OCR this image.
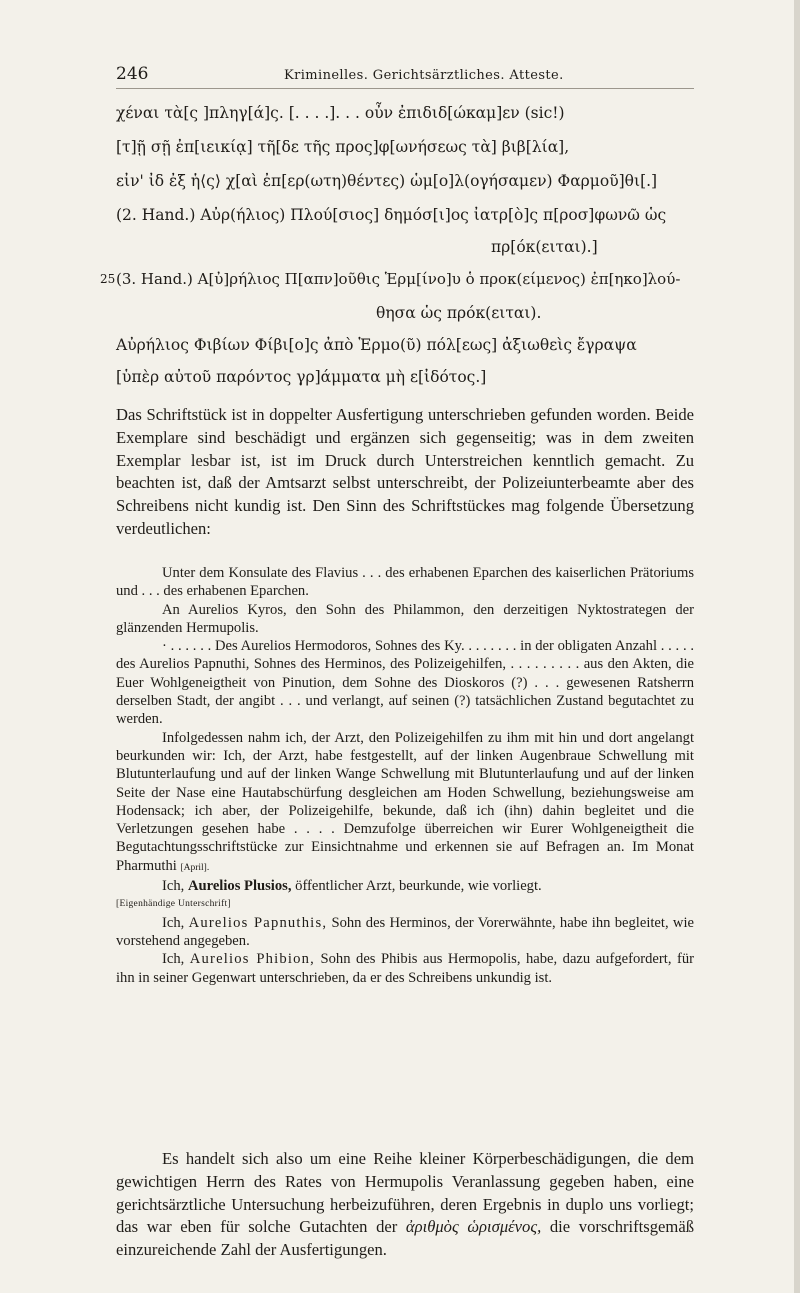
246	Kriminelles. Gerichtsärztliches. Atteste.
χέναι τὰ[ς ]πληγ[ά]ς. [. . . .]. . . οὖν ἐπιδιδ[ώκαμ]εν (sic!)
[τ]ῇ σῇ ἐπ[ιεικίᾳ] τῆ[δε τῆς προς]φ[ωνήσεως τὰ] βιβ[λία],
εἰν' ἰδ ἐξ ἡ⟨ς⟩ χ[αὶ ἐπ[ερ(ωτη)θέντες) ὡμ[ο]λ(ογήσαμεν) Φαρμοῦ]θι[.]
(2. Hand.) Αὐρ(ήλιος) Πλού[σιος] δημόσ[ι]ος ἰατρ[ὸ]ς π[ροσ]φωνῶ ὡς
πρ[όκ(ειται).]
25 (3. Hand.) Α[ὐ]ρήλιος Π[απν]οῦθις Ἑρμ[ίνο]υ ὁ προκ(είμενος) ἐπ[ηκο]λού-
θησα ὡς πρόκ(ειται).
Αὐρήλιος Φιβίων Φίβι[ο]ς ἀπὸ Ἑρμο(ῦ) πόλ[εως] ἀξιωθεὶς ἔγραψα
[ὑπὲρ αὐτοῦ παρόντος γρ]άμματα μὴ ε[ἰδότος.]

Das Schriftstück ist in doppelter Ausfertigung unterschrieben gefunden worden. Beide Exemplare sind beschädigt und ergänzen sich gegenseitig; was in dem zweiten Exemplar lesbar ist, ist im Druck durch Unterstreichen kenntlich gemacht. Zu beachten ist, daß der Amtsarzt selbst unterschreibt, der Polizeiunterbeamte aber des Schreibens nicht kundig ist. Den Sinn des Schriftstückes mag folgende Übersetzung verdeutlichen:

Unter dem Konsulate des Flavius . . . des erhabenen Eparchen des kaiserlichen Prätoriums und . . . des erhabenen Eparchen.

An Aurelios Kyros, den Sohn des Philammon, den derzeitigen Nyktostrategen der glänzenden Hermupolis.

· . . . . . . Des Aurelios Hermodoros, Sohnes des Ky. . . . . . . . in der obligaten Anzahl . . . . . des Aurelios Papnuthi, Sohnes des Herminos, des Polizeigehilfen, . . . . . . . . . aus den Akten, die Euer Wohlgeneigtheit von Pinution, dem Sohne des Dioskoros (?) . . . gewesenen Ratsherrn derselben Stadt, der angibt . . . und verlangt, auf seinen (?) tatsächlichen Zustand begutachtet zu werden.

Infolgedessen nahm ich, der Arzt, den Polizeigehilfen zu ihm mit hin und dort angelangt beurkunden wir: Ich, der Arzt, habe festgestellt, auf der linken Augenbraue Schwellung mit Blutunterlaufung und auf der linken Wange Schwellung mit Blutunterlaufung und auf der linken Seite der Nase eine Hautabschürfung desgleichen am Hoden Schwellung, beziehungsweise am Hodensack; ich aber, der Polizeigehilfe, bekunde, daß ich (ihn) dahin begleitet und die Verletzungen gesehen habe . . . . Demzufolge überreichen wir Eurer Wohlgeneigtheit die Begutachtungsschriftstücke zur Einsichtnahme und erkennen sie auf Befragen an. Im Monat Pharmuthi [April].

Ich, Aurelios Plusios, öffentlicher Arzt, beurkunde, wie vorliegt.

[Eigenhändige Unterschrift]

Ich, Aurelios Papnuthis, Sohn des Herminos, der Vorerwähnte, habe ihn begleitet, wie vorstehend angegeben.

Ich, Aurelios Phibion, Sohn des Phibis aus Hermopolis, habe, dazu aufgefordert, für ihn in seiner Gegenwart unterschrieben, da er des Schreibens unkundig ist.

Es handelt sich also um eine Reihe kleiner Körperbeschädigungen, die dem gewichtigen Herrn des Rates von Hermupolis Veranlassung gegeben haben, eine gerichtsärztliche Untersuchung herbeizuführen, deren Ergebnis in duplo uns vorliegt; das war eben für solche Gutachten der ἀριθμὸς ὡρισμένος, die vorschriftsgemäß einzureichende Zahl der Ausfertigungen.
